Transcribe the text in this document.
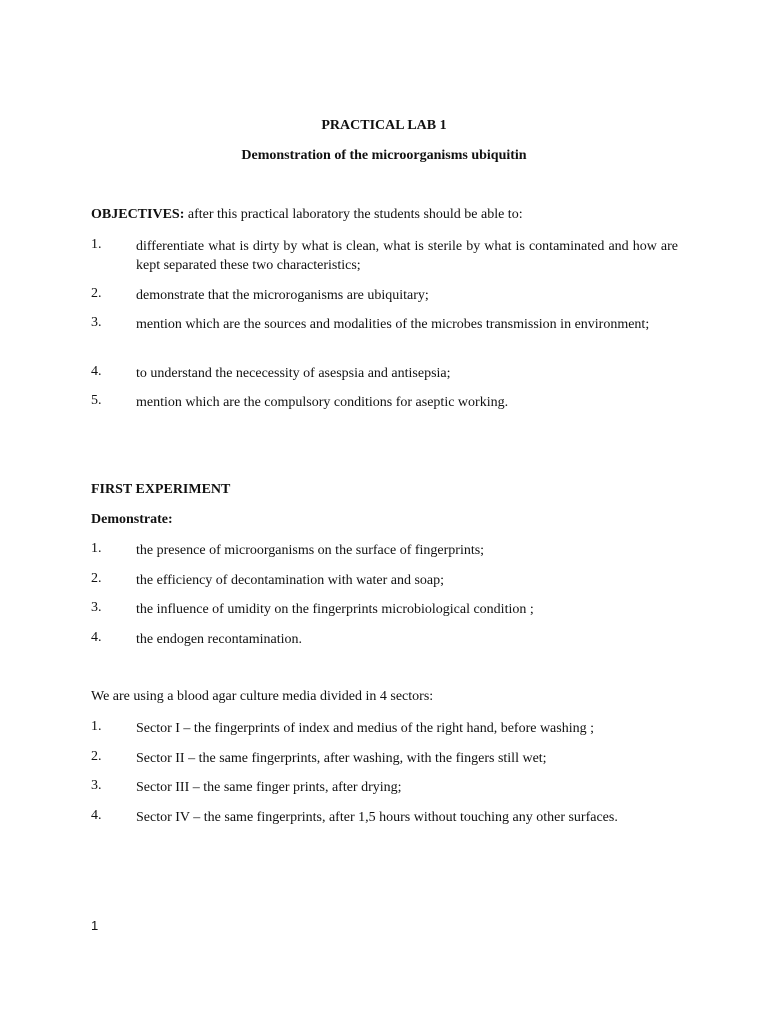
PRACTICAL LAB 1
Demonstration of the microorganisms ubiquitin
OBJECTIVES: after this practical laboratory the students should be able to:
1.	differentiate what is dirty by what is clean, what is sterile by what is contaminated and how are kept separated these two characteristics;
2.	demonstrate that the microroganisms are ubiquitary;
3.	mention which are the sources and modalities of the microbes transmission in environment;
4.	to understand the nececessity of asespsia and antisepsia;
5.	mention which are the compulsory conditions for aseptic working.
FIRST EXPERIMENT
Demonstrate:
1.	the presence of microorganisms on the surface of fingerprints;
2.	the efficiency of decontamination with water and soap;
3.	the influence of umidity on the fingerprints microbiological condition ;
4.	the endogen recontamination.
We are using a blood agar culture media divided in 4 sectors:
1.	Sector I – the fingerprints of index and medius of the right hand, before washing ;
2.	Sector II – the same fingerprints, after washing, with the fingers still wet;
3.	Sector III – the same finger prints, after drying;
4.	Sector IV – the same fingerprints, after 1,5 hours without touching any other surfaces.
1
